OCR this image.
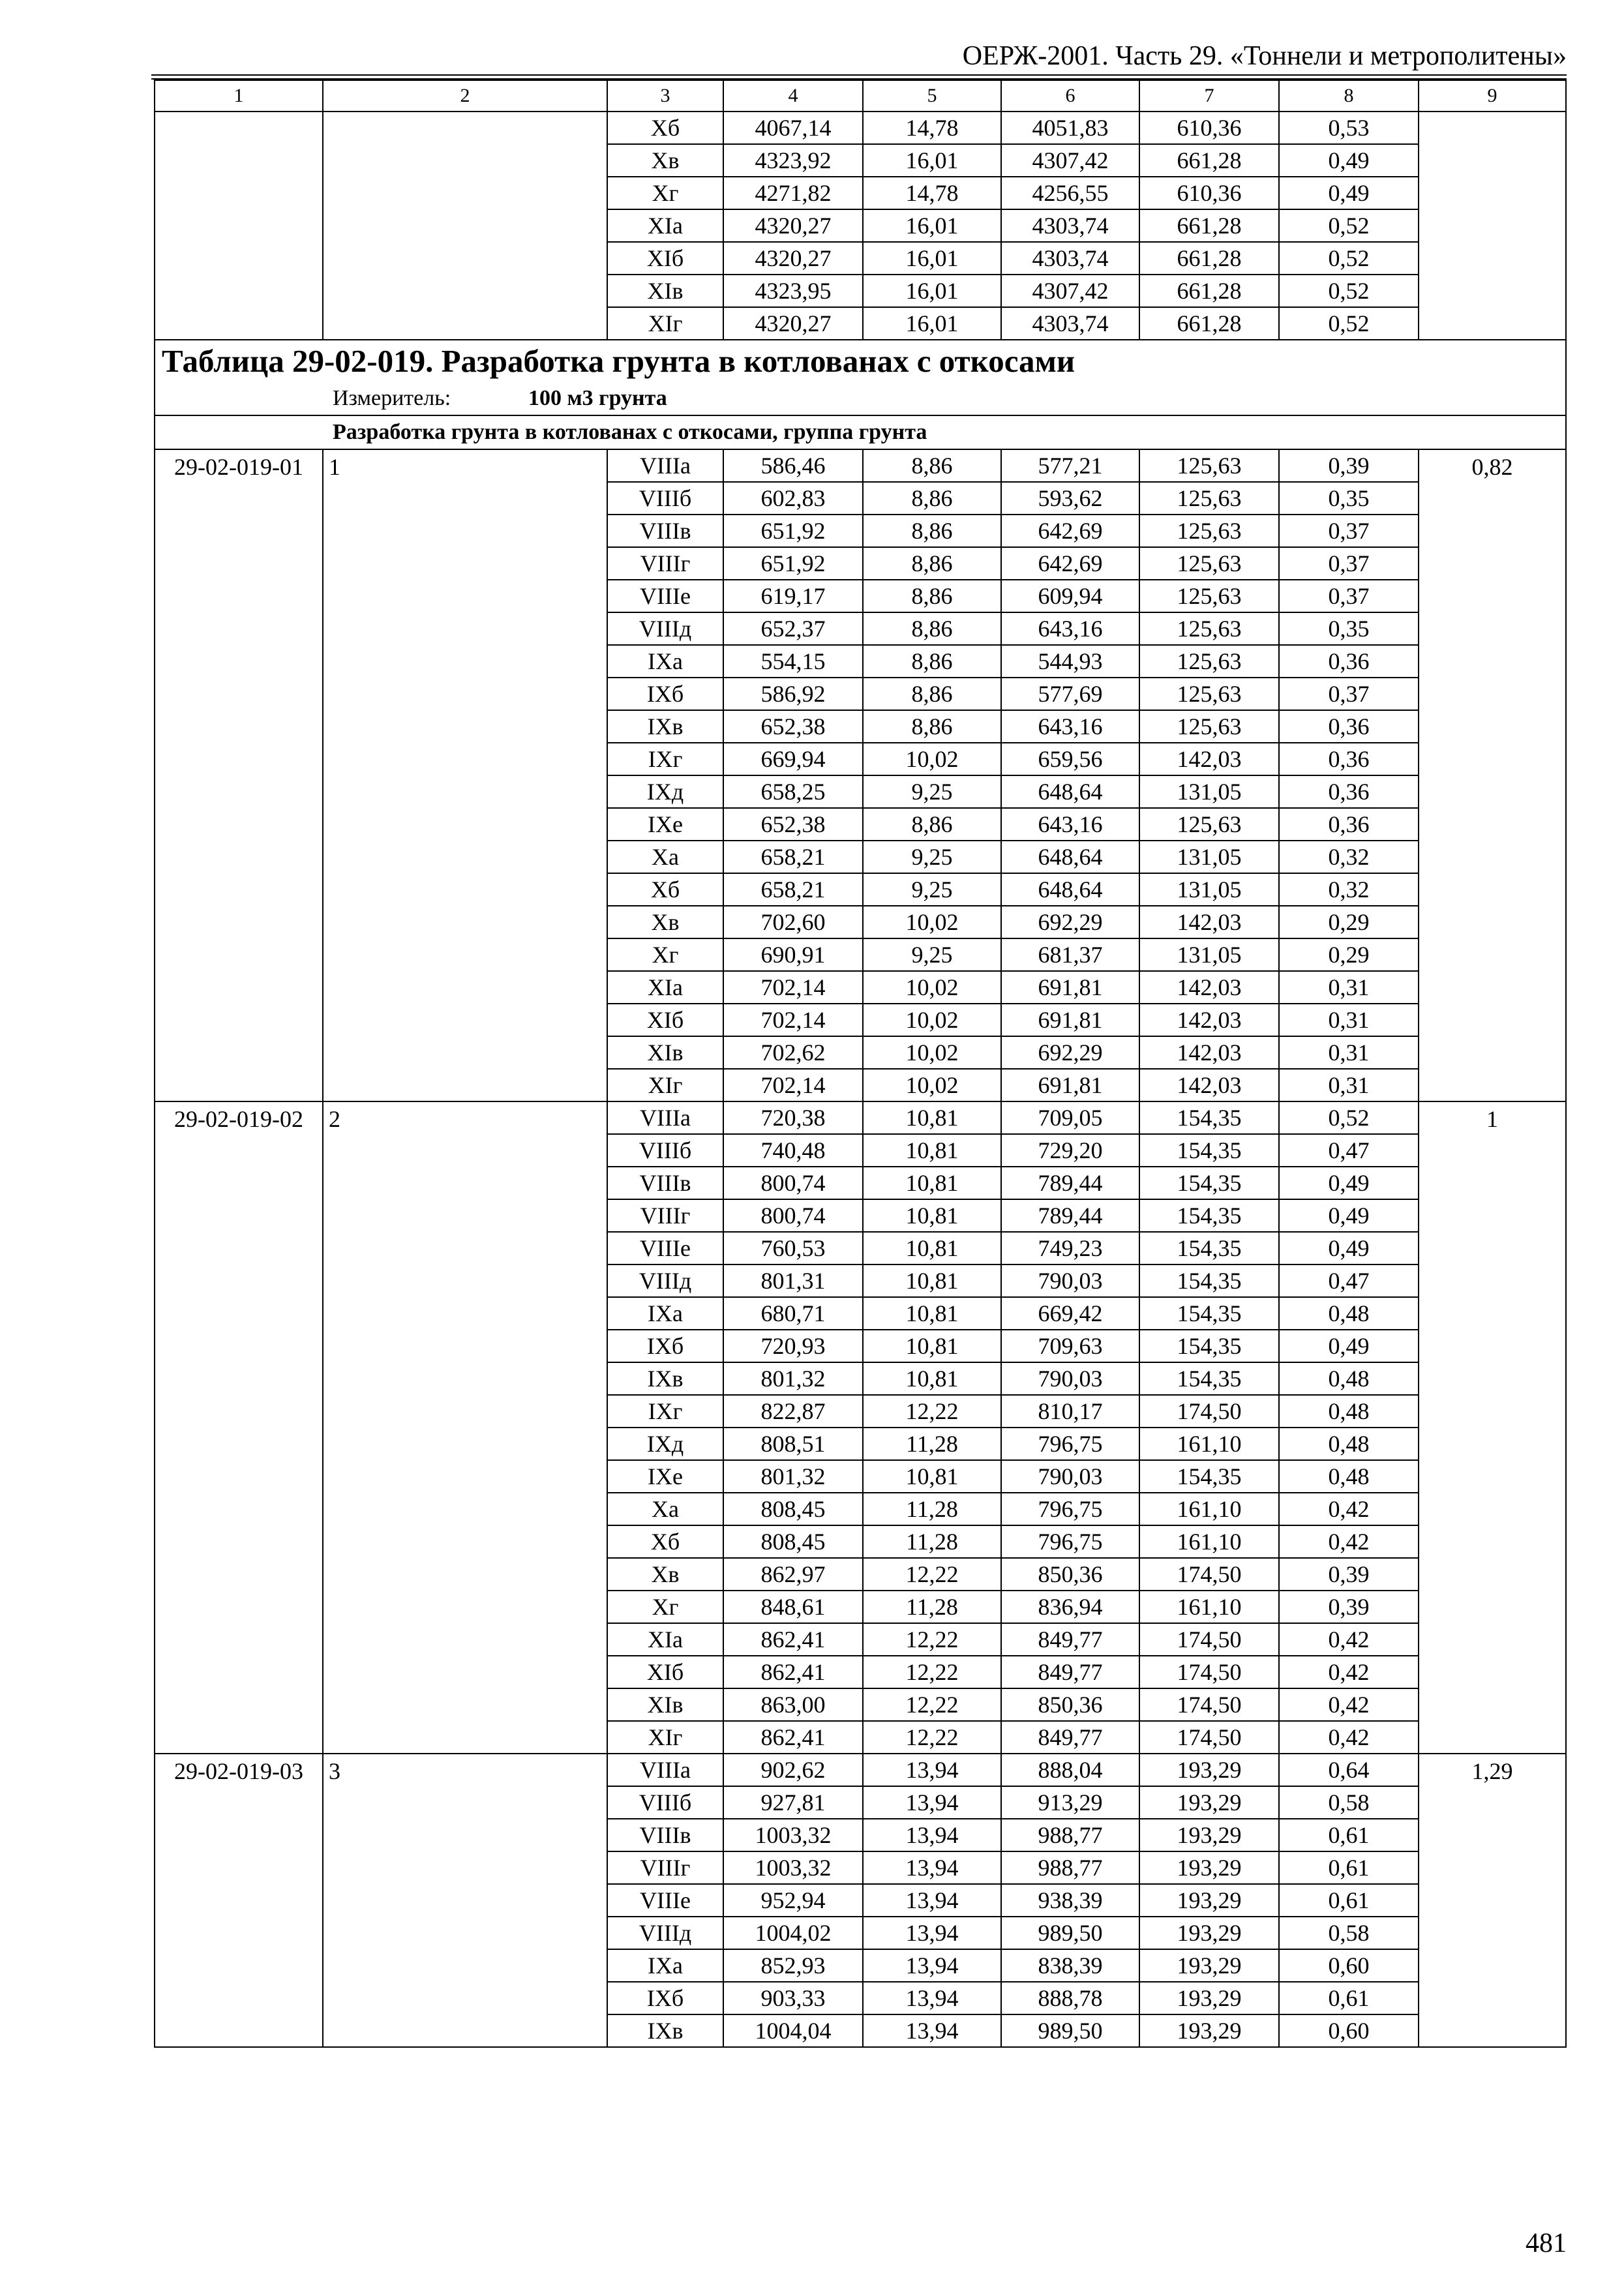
ОЕРЖ-2001. Часть 29. «Тоннели и метрополитены»
1	2	3	4	5	6	7	8	9
		Xб	4067,14	14,78	4051,83	610,36	0,53	
		Xв	4323,92	16,01	4307,42	661,28	0,49	
		Xг	4271,82	14,78	4256,55	610,36	0,49	
		XIа	4320,27	16,01	4303,74	661,28	0,52	
		XIб	4320,27	16,01	4303,74	661,28	0,52	
		XIв	4323,95	16,01	4307,42	661,28	0,52	
		XIг	4320,27	16,01	4303,74	661,28	0,52	
Таблица 29-02-019. Разработка грунта в котлованах с откосами								
Измеритель: 100 м3 грунта								
Разработка грунта в котлованах с откосами, группа грунта								
29-02-019-01	1	VIIIа	586,46	8,86	577,21	125,63	0,39	0,82
		VIIIб	602,83	8,86	593,62	125,63	0,35	
		VIIIв	651,92	8,86	642,69	125,63	0,37	
		VIIIг	651,92	8,86	642,69	125,63	0,37	
		VIIIе	619,17	8,86	609,94	125,63	0,37	
		VIIIд	652,37	8,86	643,16	125,63	0,35	
		IXа	554,15	8,86	544,93	125,63	0,36	
		IXб	586,92	8,86	577,69	125,63	0,37	
		IXв	652,38	8,86	643,16	125,63	0,36	
		IXг	669,94	10,02	659,56	142,03	0,36	
		IXд	658,25	9,25	648,64	131,05	0,36	
		IXе	652,38	8,86	643,16	125,63	0,36	
		Xа	658,21	9,25	648,64	131,05	0,32	
		Xб	658,21	9,25	648,64	131,05	0,32	
		Xв	702,60	10,02	692,29	142,03	0,29	
		Xг	690,91	9,25	681,37	131,05	0,29	
		XIа	702,14	10,02	691,81	142,03	0,31	
		XIб	702,14	10,02	691,81	142,03	0,31	
		XIв	702,62	10,02	692,29	142,03	0,31	
		XIг	702,14	10,02	691,81	142,03	0,31	
29-02-019-02	2	VIIIа	720,38	10,81	709,05	154,35	0,52	1
		VIIIб	740,48	10,81	729,20	154,35	0,47	
		VIIIв	800,74	10,81	789,44	154,35	0,49	
		VIIIг	800,74	10,81	789,44	154,35	0,49	
		VIIIе	760,53	10,81	749,23	154,35	0,49	
		VIIIд	801,31	10,81	790,03	154,35	0,47	
		IXа	680,71	10,81	669,42	154,35	0,48	
		IXб	720,93	10,81	709,63	154,35	0,49	
		IXв	801,32	10,81	790,03	154,35	0,48	
		IXг	822,87	12,22	810,17	174,50	0,48	
		IXд	808,51	11,28	796,75	161,10	0,48	
		IXе	801,32	10,81	790,03	154,35	0,48	
		Xа	808,45	11,28	796,75	161,10	0,42	
		Xб	808,45	11,28	796,75	161,10	0,42	
		Xв	862,97	12,22	850,36	174,50	0,39	
		Xг	848,61	11,28	836,94	161,10	0,39	
		XIа	862,41	12,22	849,77	174,50	0,42	
		XIб	862,41	12,22	849,77	174,50	0,42	
		XIв	863,00	12,22	850,36	174,50	0,42	
		XIг	862,41	12,22	849,77	174,50	0,42	
29-02-019-03	3	VIIIа	902,62	13,94	888,04	193,29	0,64	1,29
		VIIIб	927,81	13,94	913,29	193,29	0,58	
		VIIIв	1003,32	13,94	988,77	193,29	0,61	
		VIIIг	1003,32	13,94	988,77	193,29	0,61	
		VIIIе	952,94	13,94	938,39	193,29	0,61	
		VIIIд	1004,02	13,94	989,50	193,29	0,58	
		IXа	852,93	13,94	838,39	193,29	0,60	
		IXб	903,33	13,94	888,78	193,29	0,61	
		IXв	1004,04	13,94	989,50	193,29	0,60	
481
